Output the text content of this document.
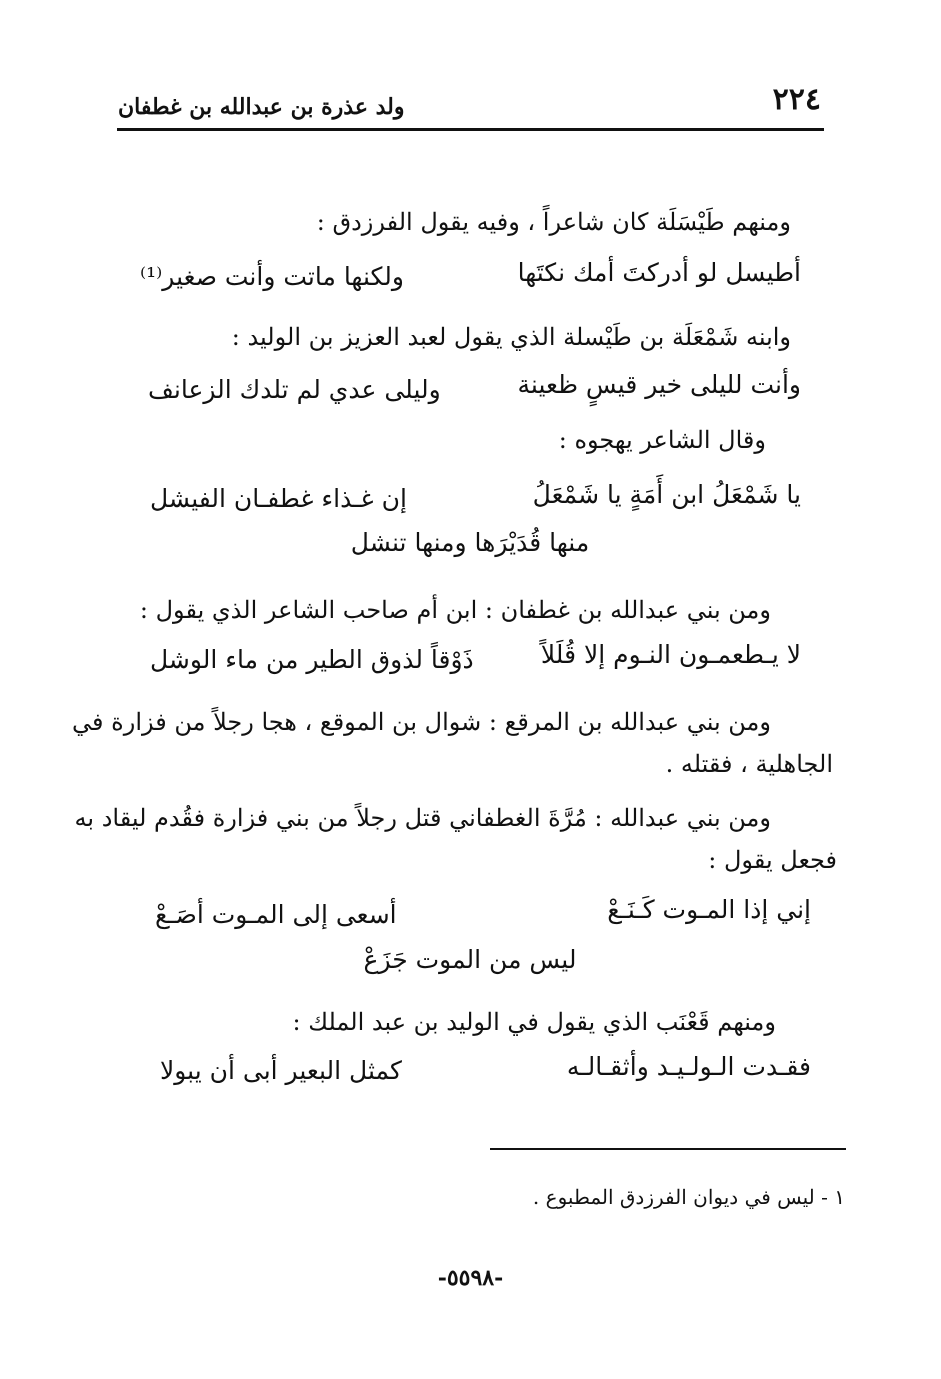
٢٢٤
ولد عذرة بن عبدالله بن غطفان
ومنهم طَيْسَلَة كان شاعراً ، وفيه يقول الفرزدق :
أطيسل لو أدركتَ أمك نكتَها
ولكنها ماتت وأنت صغير⁽¹⁾
وابنه شَمْعَلَة بن طَيْسلة الذي يقول لعبد العزيز بن الوليد :
وأنت لليلى خير قيسٍ ظعينة
وليلى عدي لم تلدك الزعانف
وقال الشاعر يهجوه :
يا شَمْعَلُ ابن أَمَةٍ يا شَمْعَلُ
إن غـذاء غطفـان الفيشل
منها قُدَيْرَها ومنها تنشل
ومن بني عبدالله بن غطفان : ابن أم صاحب الشاعر الذي يقول :
لا يـطعمـون النـوم إلا قُلَلاً
ذَوْقاً لذوق الطير من ماء الوشل
ومن بني عبدالله بن المرقع : شوال بن الموقع ، هجا رجلاً من فزارة في
الجاهلية ، فقتله .
ومن بني عبدالله : مُرَّةَ الغطفاني قتل رجلاً من بني فزارة فقُدم ليقاد به
فجعل يقول :
إني إذا المـوت كَـنَـعْ
أسعى إلى المـوت أصَـعْ
ليس من الموت جَزَعْ
ومنهم قَعْنَب الذي يقول في الوليد بن عبد الملك :
فقـدت الـولـيـد وأثقـالـه
كمثل البعير أبى أن يبولا
١ - ليس في ديوان الفرزدق المطبوع .
-٥٥٩٨-
